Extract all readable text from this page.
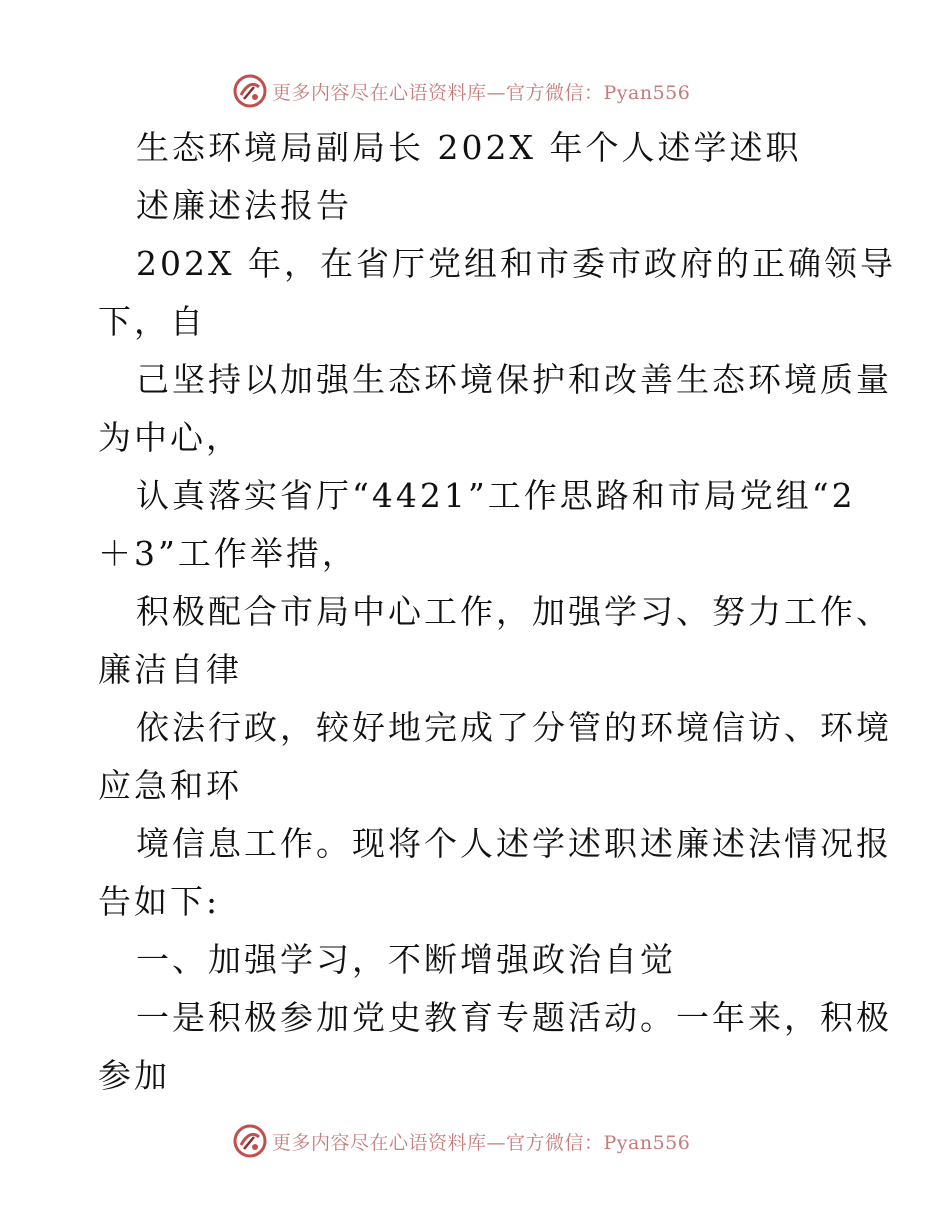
更多内容尽在心语资料库—官方微信：Pyan556
生态环境局副局长 202X 年个人述学述职
述廉述法报告
202X 年，在省厅党组和市委市政府的正确领导
下，自
己坚持以加强生态环境保护和改善生态环境质量
为中心，
认真落实省厅“4421”工作思路和市局党组“2
＋3”工作举措，
积极配合市局中心工作，加强学习、努力工作、
廉洁自律
依法行政，较好地完成了分管的环境信访、环境
应急和环
境信息工作。现将个人述学述职述廉述法情况报
告如下:
一、加强学习，不断增强政治自觉
一是积极参加党史教育专题活动。一年来，积极
参加
更多内容尽在心语资料库—官方微信：Pyan556
